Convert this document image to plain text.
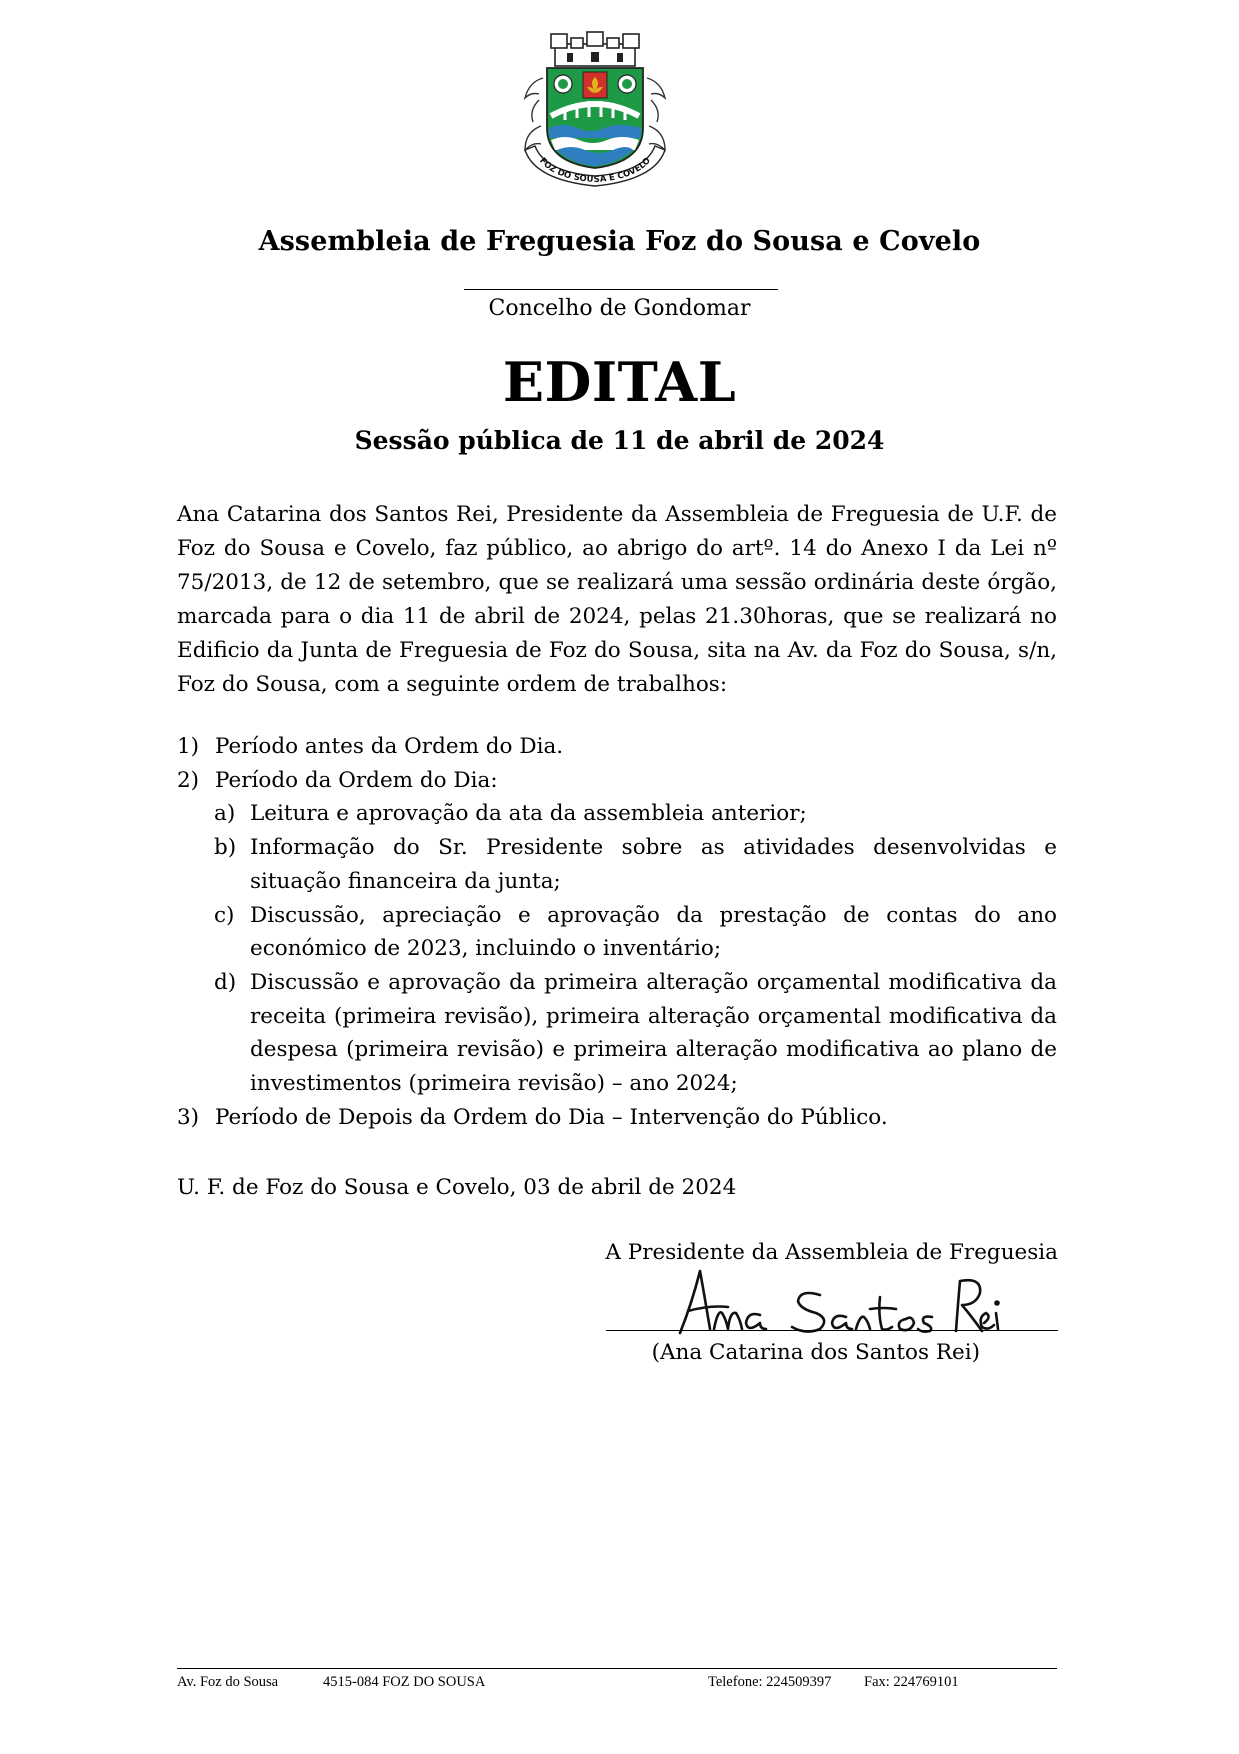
FOZ DO SOUSA E COVELO
Assembleia de Freguesia Foz do Sousa e Covelo
Concelho de Gondomar
EDITAL
Sessão pública de 11 de abril de 2024
Ana Catarina dos Santos Rei, Presidente da Assembleia de Freguesia de U.F. de Foz do Sousa e Covelo, faz público, ao abrigo do artº. 14 do Anexo I da Lei nº 75/2013, de 12 de setembro, que se realizará uma sessão ordinária deste órgão, marcada para o dia 11 de abril de 2024, pelas 21.30horas, que se realizará no Edificio da Junta de Freguesia de Foz do Sousa, sita na Av. da Foz do Sousa, s/n, Foz do Sousa, com a seguinte ordem de trabalhos:
1) Período antes da Ordem do Dia.
2) Período da Ordem do Dia:
a) Leitura e aprovação da ata da assembleia anterior;
b) Informação do Sr. Presidente sobre as atividades desenvolvidas e situação financeira da junta;
c) Discussão, apreciação e aprovação da prestação de contas do ano económico de 2023, incluindo o inventário;
d) Discussão e aprovação da primeira alteração orçamental modificativa da receita (primeira revisão), primeira alteração orçamental modificativa da despesa (primeira revisão) e primeira alteração modificativa ao plano de investimentos (primeira revisão) – ano 2024;
3) Período de Depois da Ordem do Dia – Intervenção do Público.
U. F. de Foz do Sousa e Covelo, 03 de abril de 2024
A Presidente da Assembleia de Freguesia
(Ana Catarina dos Santos Rei)
Av. Foz do Sousa	4515-084 FOZ DO SOUSA	Telefone: 224509397 Fax: 224769101
